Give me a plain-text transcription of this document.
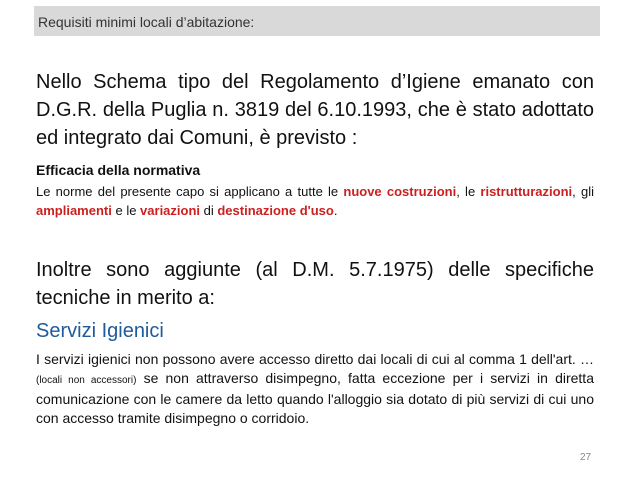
Requisiti minimi locali d’abitazione:
Nello Schema tipo del Regolamento d’Igiene emanato con D.G.R. della Puglia n. 3819 del 6.10.1993, che è stato adottato ed integrato dai Comuni, è previsto :
Efficacia della normativa
Le norme del presente capo si applicano a tutte le nuove costruzioni, le ristrutturazioni, gli ampliamenti e le variazioni di destinazione d'uso.
Inoltre sono aggiunte (al D.M. 5.7.1975) delle specifiche tecniche in merito a:
Servizi Igienici
I servizi igienici non possono avere accesso diretto dai locali di cui al comma 1 dell'art. … (locali non accessori) se non attraverso disimpegno, fatta eccezione per i servizi in diretta comunicazione con le camere da letto quando l'alloggio sia dotato di più servizi di cui uno con accesso tramite disimpegno o corridoio.
27
